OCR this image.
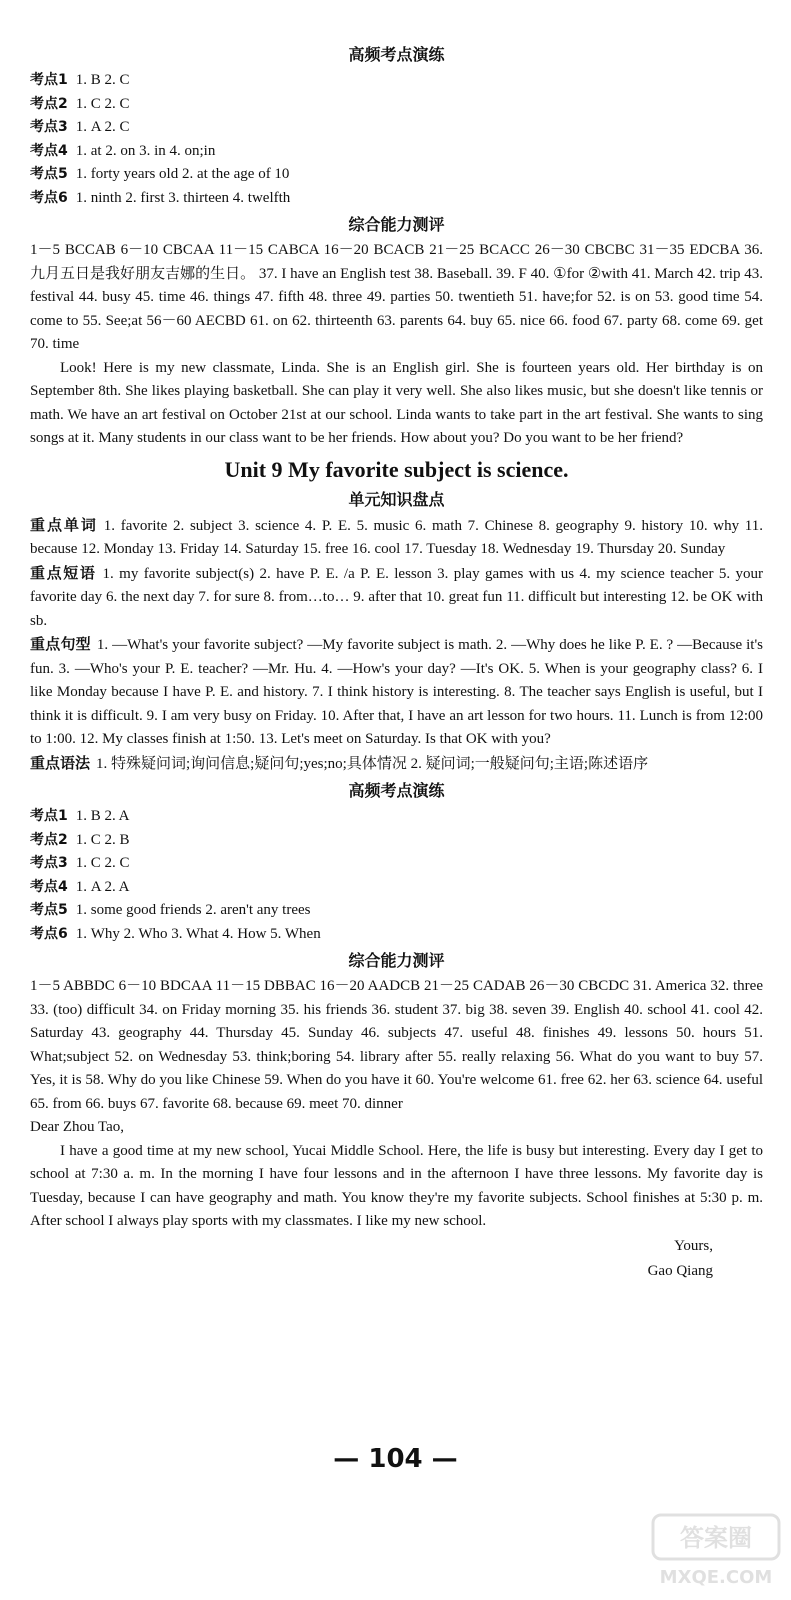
高频考点演练
考点1 1. B 2. C
考点2 1. C 2. C
考点3 1. A 2. C
考点4 1. at 2. on 3. in 4. on;in
考点5 1. forty years old 2. at the age of 10
考点6 1. ninth 2. first 3. thirteen 4. twelfth
综合能力测评
1－5 BCCAB 6－10 CBCAA 11－15 CABCA 16－20 BCACB 21－25 BCACC 26－30 CBCBC 31－35 EDCBA 36. 九月五日是我好朋友吉娜的生日。 37. I have an English test 38. Baseball. 39. F 40. ①for ②with 41. March 42. trip 43. festival 44. busy 45. time 46. things 47. fifth 48. three 49. parties 50. twentieth 51. have;for 52. is on 53. good time 54. come to 55. See;at 56－60 AECBD 61. on 62. thirteenth 63. parents 64. buy 65. nice 66. food 67. party 68. come 69. get 70. time
Look! Here is my new classmate, Linda. She is an English girl. She is fourteen years old. Her birthday is on September 8th. She likes playing basketball. She can play it very well. She also likes music, but she doesn't like tennis or math. We have an art festival on October 21st at our school. Linda wants to take part in the art festival. She wants to sing songs at it. Many students in our class want to be her friends. How about you? Do you want to be her friend?
Unit 9 My favorite subject is science.
单元知识盘点
重点单词 1. favorite 2. subject 3. science 4. P. E. 5. music 6. math 7. Chinese 8. geography 9. history 10. why 11. because 12. Monday 13. Friday 14. Saturday 15. free 16. cool 17. Tuesday 18. Wednesday 19. Thursday 20. Sunday
重点短语 1. my favorite subject(s) 2. have P. E. /a P. E. lesson 3. play games with us 4. my science teacher 5. your favorite day 6. the next day 7. for sure 8. from…to… 9. after that 10. great fun 11. difficult but interesting 12. be OK with sb.
重点句型 1. —What's your favorite subject? —My favorite subject is math. 2. —Why does he like P. E. ? —Because it's fun. 3. —Who's your P. E. teacher? —Mr. Hu. 4. —How's your day? —It's OK. 5. When is your geography class? 6. I like Monday because I have P. E. and history. 7. I think history is interesting. 8. The teacher says English is useful, but I think it is difficult. 9. I am very busy on Friday. 10. After that, I have an art lesson for two hours. 11. Lunch is from 12:00 to 1:00. 12. My classes finish at 1:50. 13. Let's meet on Saturday. Is that OK with you?
重点语法 1. 特殊疑问词;询问信息;疑问句;yes;no;具体情况 2. 疑问词;一般疑问句;主语;陈述语序
高频考点演练
考点1 1. B 2. A
考点2 1. C 2. B
考点3 1. C 2. C
考点4 1. A 2. A
考点5 1. some good friends 2. aren't any trees
考点6 1. Why 2. Who 3. What 4. How 5. When
综合能力测评
1－5 ABBDC 6－10 BDCAA 11－15 DBBAC 16－20 AADCB 21－25 CADAB 26－30 CBCDC 31. America 32. three 33. (too) difficult 34. on Friday morning 35. his friends 36. student 37. big 38. seven 39. English 40. school 41. cool 42. Saturday 43. geography 44. Thursday 45. Sunday 46. subjects 47. useful 48. finishes 49. lessons 50. hours 51. What;subject 52. on Wednesday 53. think;boring 54. library after 55. really relaxing 56. What do you want to buy 57. Yes, it is 58. Why do you like Chinese 59. When do you have it 60. You're welcome 61. free 62. her 63. science 64. useful 65. from 66. buys 67. favorite 68. because 69. meet 70. dinner
Dear Zhou Tao,
I have a good time at my new school, Yucai Middle School. Here, the life is busy but interesting. Every day I get to school at 7:30 a. m. In the morning I have four lessons and in the afternoon I have three lessons. My favorite day is Tuesday, because I can have geography and math. You know they're my favorite subjects. School finishes at 5:30 p. m. After school I always play sports with my classmates. I like my new school.
Yours,
Gao Qiang
— 104 —
答案圈
MXQE.COM
